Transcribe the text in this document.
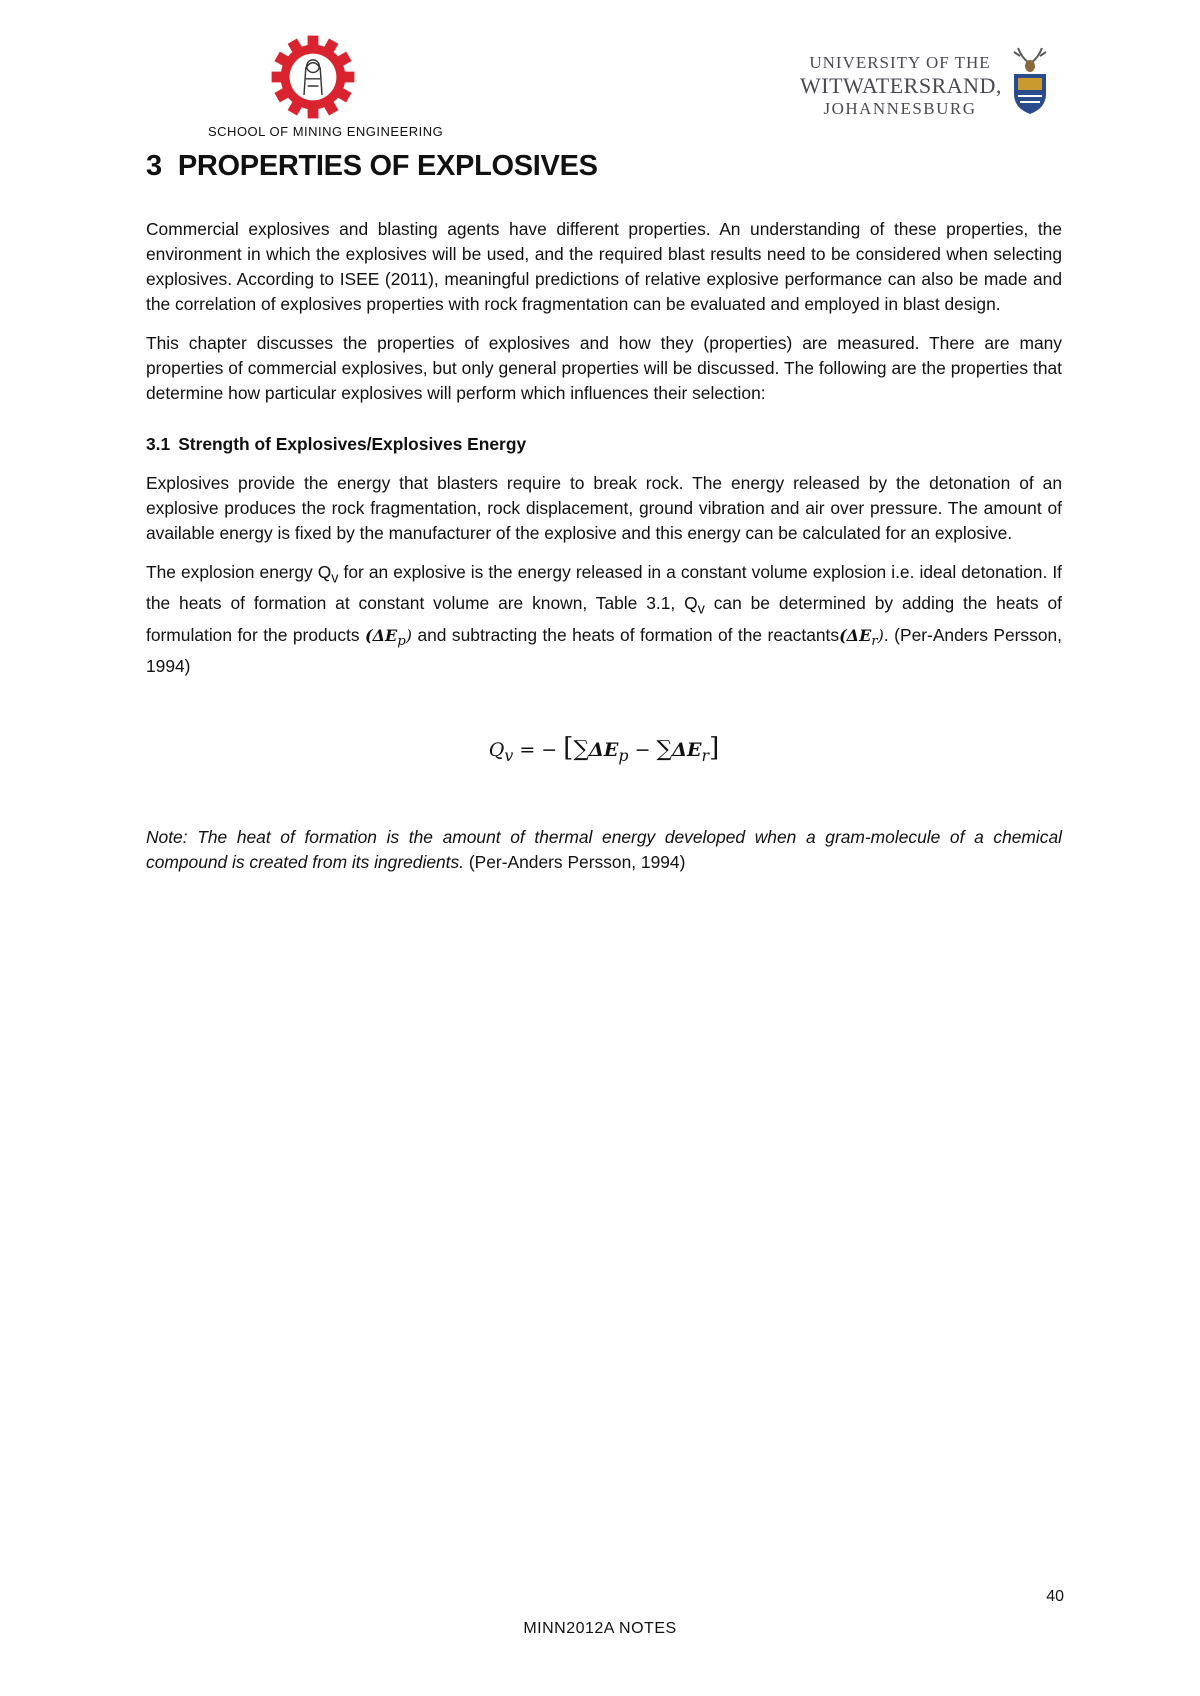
SCHOOL OF MINING ENGINEERING
UNIVERSITY OF THE
WITWATERSRAND,
JOHANNESBURG
3 PROPERTIES OF EXPLOSIVES

Commercial explosives and blasting agents have different properties. An understanding of these properties, the environment in which the explosives will be used, and the required blast results need to be considered when selecting explosives. According to ISEE (2011), meaningful predictions of relative explosive performance can also be made and the correlation of explosives properties with rock fragmentation can be evaluated and employed in blast design.

This chapter discusses the properties of explosives and how they (properties) are measured. There are many properties of commercial explosives, but only general properties will be discussed. The following are the properties that determine how particular explosives will perform which influences their selection:

3.1 Strength of Explosives/Explosives Energy

Explosives provide the energy that blasters require to break rock. The energy released by the detonation of an explosive produces the rock fragmentation, rock displacement, ground vibration and air over pressure. The amount of available energy is fixed by the manufacturer of the explosive and this energy can be calculated for an explosive.

The explosion energy $Q_v$ for an explosive is the energy released in a constant volume explosion i.e. ideal detonation. If the heats of formation at constant volume are known, Table 3.1, $Q_v$ can be determined by adding the heats of formulation for the products $(\Delta E_p)$ and subtracting the heats of formation of the $reactants(\Delta E_r)$. (Per-Anders Persson, 1994)

$Q_v$ = − $[\sum\Delta E_p - \sum\Delta E_r]$

Note: The heat of formation is the amount of thermal energy developed when a gram-molecule of a chemical compound is created from its ingredients. (Per-Anders Persson, 1994)

40
MINN2012A NOTES
